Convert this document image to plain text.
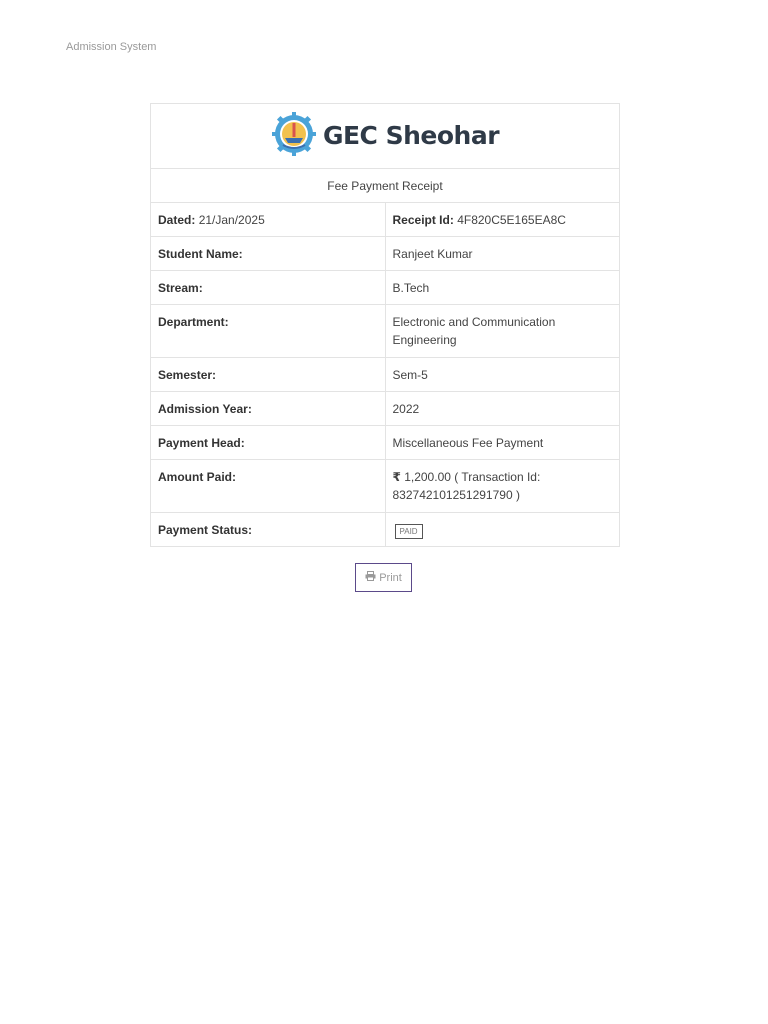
Admission System
GEC Sheohar	

Fee Payment Receipt	
Dated: 21/Jan/2025	Receipt Id: 4F820C5E165EA8C
Student Name:	Ranjeet Kumar
Stream:	B.Tech
Department:	Electronic and Communication Engineering
Semester:	Sem-5
Admission Year:	2022
Payment Head:	Miscellaneous Fee Payment
Amount Paid:	₹ 1,200.00 ( Transaction Id: 832742101251291790 )
Payment Status:	PAID
Print
